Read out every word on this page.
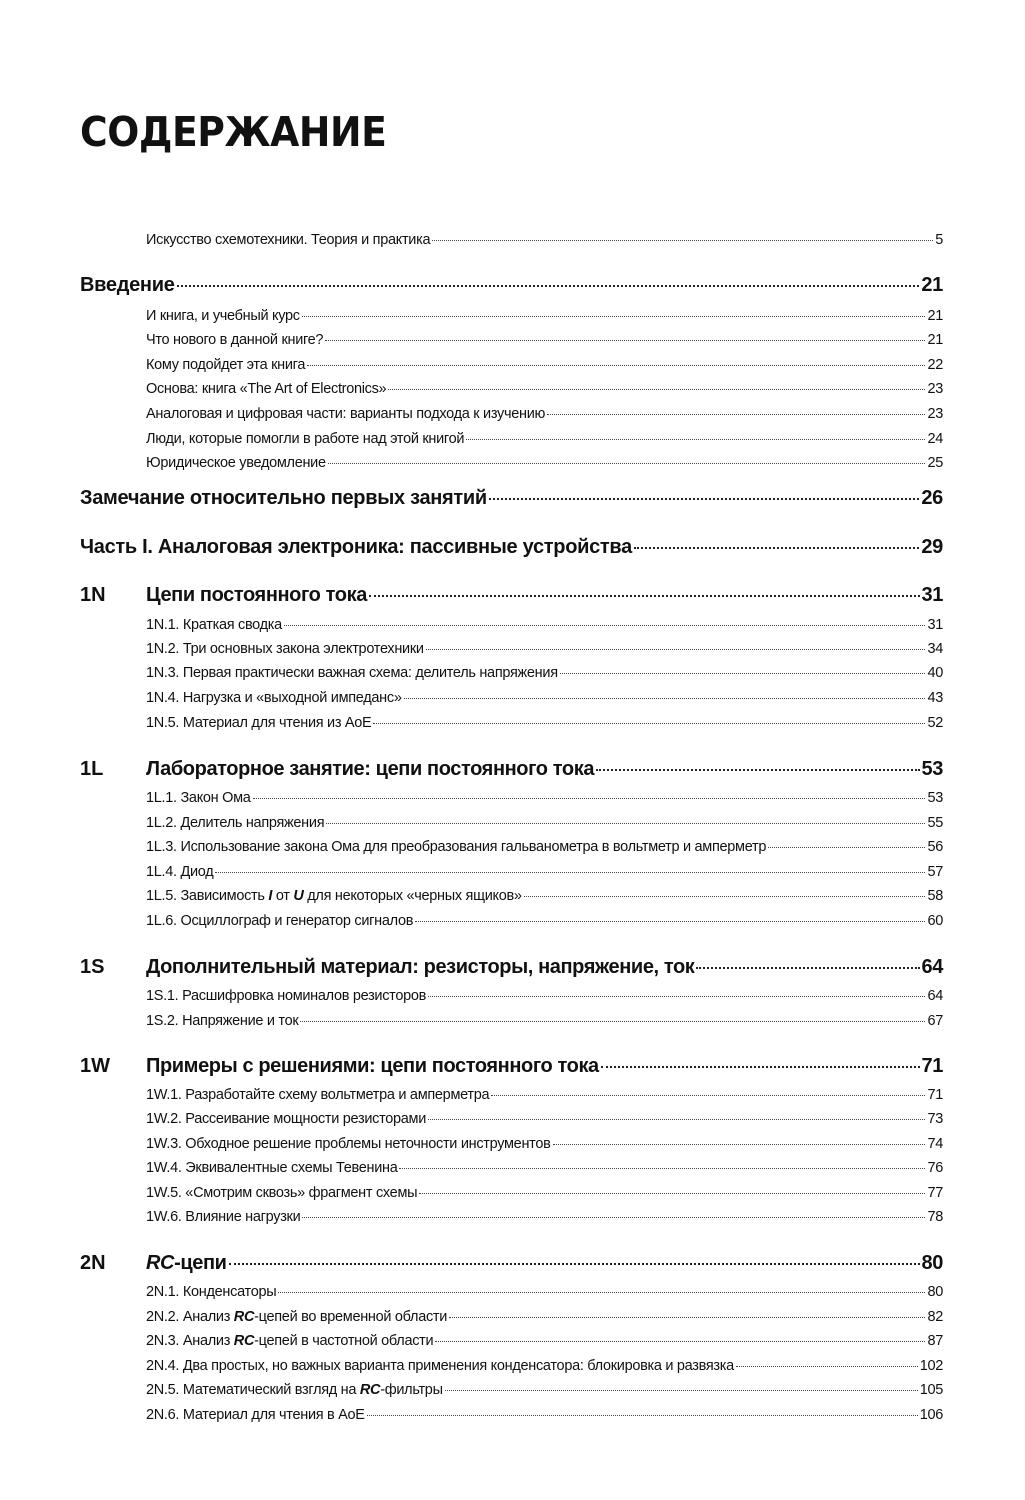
СОДЕРЖАНИЕ
Искусство схемотехники. Теория и практика	5
Введение	21
И книга, и учебный курс	21
Что нового в данной книге?	21
Кому подойдет эта книга	22
Основа: книга «The Art of Electronics»	23
Аналоговая и цифровая части: варианты подхода к изучению	23
Люди, которые помогли в работе над этой книгой	24
Юридическое уведомление	25
Замечание относительно первых занятий	26
Часть I. Аналоговая электроника: пассивные устройства	29
1N Цепи постоянного тока	31
1N.1. Краткая сводка	31
1N.2. Три основных закона электротехники	34
1N.3. Первая практически важная схема: делитель напряжения	40
1N.4. Нагрузка и «выходной импеданс»	43
1N.5. Материал для чтения из AoE	52
1L Лабораторное занятие: цепи постоянного тока	53
1L.1. Закон Ома	53
1L.2. Делитель напряжения	55
1L.3. Использование закона Ома для преобразования гальванометра в вольтметр и амперметр	56
1L.4. Диод	57
1L.5. Зависимость I от U для некоторых «черных ящиков»	58
1L.6. Осциллограф и генератор сигналов	60
1S Дополнительный материал: резисторы, напряжение, ток	64
1S.1. Расшифровка номиналов резисторов	64
1S.2. Напряжение и ток	67
1W Примеры с решениями: цепи постоянного тока	71
1W.1. Разработайте схему вольтметра и амперметра	71
1W.2. Рассеивание мощности резисторами	73
1W.3. Обходное решение проблемы неточности инструментов	74
1W.4. Эквивалентные схемы Тевенина	76
1W.5. «Смотрим сквозь» фрагмент схемы	77
1W.6. Влияние нагрузки	78
2N RC-цепи	80
2N.1. Конденсаторы	80
2N.2. Анализ RC-цепей во временной области	82
2N.3. Анализ RC-цепей в частотной области	87
2N.4. Два простых, но важных варианта применения конденсатора: блокировка и развязка	102
2N.5. Математический взгляд на RC-фильтры	105
2N.6. Материал для чтения в AoE	106
